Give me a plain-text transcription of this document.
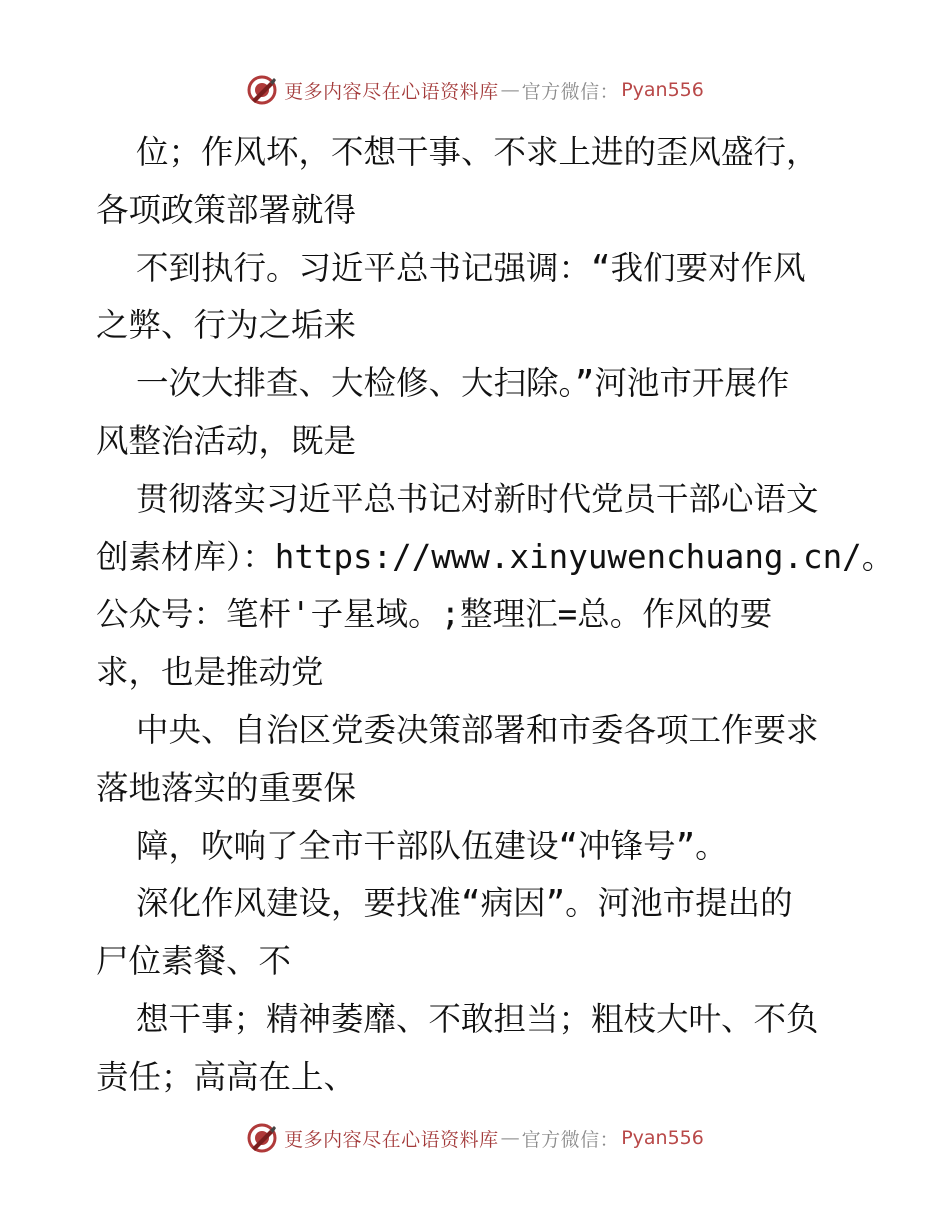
更多内容尽在心语资料库 — 官方微信： Pyan556
位；作风坏，不想干事、不求上进的歪风盛行，
各项政策部署就得
不到执行。习近平总书记强调：“我们要对作风
之弊、行为之垢来
一次大排查、大检修、大扫除。”河池市开展作
风整治活动，既是
贯彻落实习近平总书记对新时代党员干部心语文
创素材库）：https://www.xinyuwenchuang.cn/。
公众号：笔杆'子星域。;整理汇=总。作风的要
求，也是推动党
中央、自治区党委决策部署和市委各项工作要求
落地落实的重要保
障，吹响了全市干部队伍建设“冲锋号”。
深化作风建设，要找准“病因”。河池市提出的
尸位素餐、不
想干事；精神萎靡、不敢担当；粗枝大叶、不负
责任；高高在上、
更多内容尽在心语资料库 — 官方微信： Pyan556
